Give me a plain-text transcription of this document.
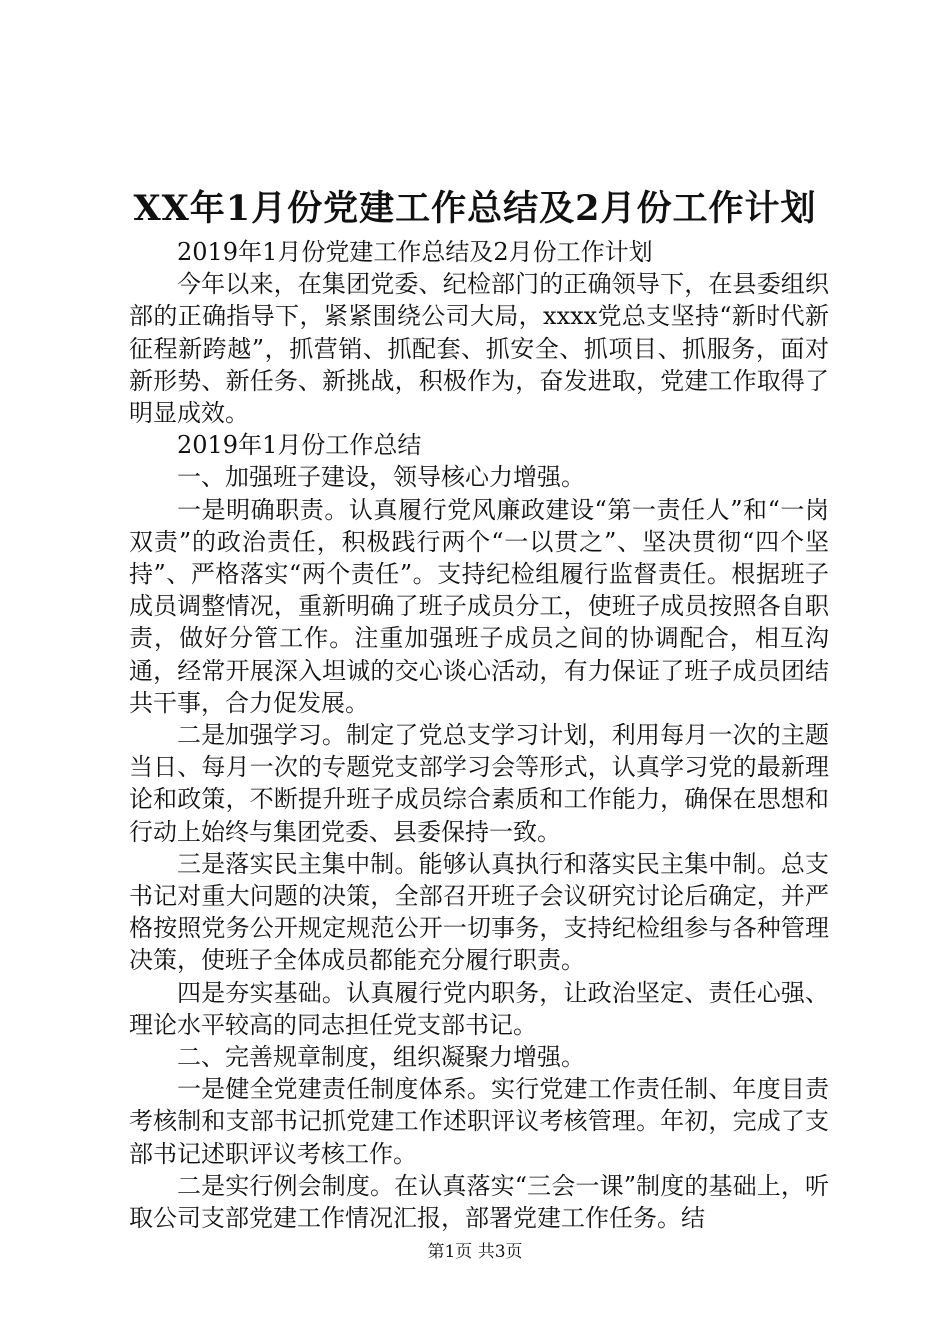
XX年1月份党建工作总结及2月份工作计划

2019年1月份党建工作总结及2月份工作计划

今年以来，在集团党委、纪检部门的正确领导下，在县委组织部的正确指导下，紧紧围绕公司大局，xxxx党总支坚持“新时代新征程新跨越”，抓营销、抓配套、抓安全、抓项目、抓服务，面对新形势、新任务、新挑战，积极作为，奋发进取，党建工作取得了明显成效。

2019年1月份工作总结

一、加强班子建设，领导核心力增强。

一是明确职责。认真履行党风廉政建设“第一责任人”和“一岗双责”的政治责任，积极践行两个“一以贯之”、坚决贯彻“四个坚持”、严格落实“两个责任”。支持纪检组履行监督责任。根据班子成员调整情况，重新明确了班子成员分工，使班子成员按照各自职责，做好分管工作。注重加强班子成员之间的协调配合，相互沟通，经常开展深入坦诚的交心谈心活动，有力保证了班子成员团结共干事，合力促发展。

二是加强学习。制定了党总支学习计划，利用每月一次的主题当日、每月一次的专题党支部学习会等形式，认真学习党的最新理论和政策，不断提升班子成员综合素质和工作能力，确保在思想和行动上始终与集团党委、县委保持一致。

三是落实民主集中制。能够认真执行和落实民主集中制。总支书记对重大问题的决策，全部召开班子会议研究讨论后确定，并严格按照党务公开规定规范公开一切事务，支持纪检组参与各种管理决策，使班子全体成员都能充分履行职责。

四是夯实基础。认真履行党内职务，让政治坚定、责任心强、理论水平较高的同志担任党支部书记。

二、完善规章制度，组织凝聚力增强。

一是健全党建责任制度体系。实行党建工作责任制、年度目责考核制和支部书记抓党建工作述职评议考核管理。年初，完成了支部书记述职评议考核工作。

二是实行例会制度。在认真落实“三会一课”制度的基础上，听取公司支部党建工作情况汇报，部署党建工作任务。结

第1页 共3页
